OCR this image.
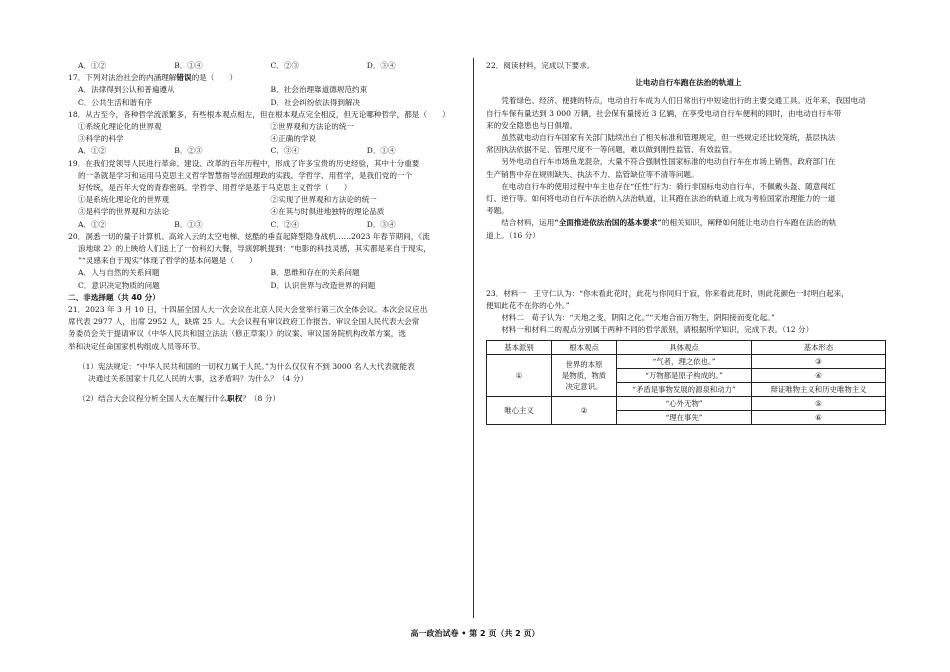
A．①②	B．①④	C．②③	D．③④
17．下列对法治社会的内涵理解错误的是（　　）
A．法律得到公认和普遍遵从	B．社会治理靠道德规范约束
C．公共生活和谐有序	D．社会纠纷依法得到解决
18．从古至今，各种哲学流派繁多，有些根本观点相左，但在根本观点完全相反，但无论哪种哲学，都是（　　）
①系统化理论化的世界观	②世界观和方法论的统一
③科学的科学	④正确的学说
A．①②	B．②③	C．③④	D．①④
19．在我们党领导人民进行革命、建设、改革的百年历程中，形成了许多宝贵的历史经验，其中十分重要
的一条就是学习和运用马克思主义哲学智慧指导治国理政的实践。学哲学、用哲学，是我们党的一个
好传统，是百年大党的青春密码。学哲学、用哲学是基于马克思主义哲学（　　）
①是系统化理论化的世界观	②实现了世界观和方法论的统一
③是科学的世界观和方法论	④在其与时俱进地独特的理论品质
A．①②	B．①③	C．②④	D．③④
20．洞悉一切的量子计算机、高耸入云的太空电梯、炫酷的垂直起降型隐身战机……2023 年春节期间，《流
浪地球 2》的上映给人们送上了一份科幻大餐，导演郭帆提到：“电影的科技灵感，其实都是来自于现实，
”“灵感来自于现实”体现了哲学的基本问题是（　　）
A．人与自然的关系问题	B．思维和存在的关系问题
C．意识决定物质的问题	D．认识世界与改造世界的问题
二、非选择题（共 40 分）
21．2023 年 3 月 10 日，十四届全国人大一次会议在北京人民大会堂举行第三次全体会议。本次会议应出
席代表 2977 人，出席 2952 人，缺席 25 人。大会议程有审议政府工作报告、审议全国人民代表大会常
务委员会关于提请审议《中华人民共和国立法法（修正草案）》的议案、审议国务院机构改革方案，选
举和决定任命国家机构组成人员等环节。
（1）宪法规定：“中华人民共和国的一切权力属于人民。”为什么仅仅有不到 3000 名人大代表就能表
决通过关系国家十几亿人民的大事，这矛盾吗？为什么？（4 分）
（2）结合大会议程分析全国人大在履行什么职权？（8 分）
22．阅读材料，完成以下要求。
让电动自行车跑在法治的轨道上
凭着绿色、经济、便捷的特点，电动自行车成为人们日常出行中短途出行的主要交通工具。近年来，我国电动
自行车保有量达到 3 000 万辆，社会保有量接近 3 亿辆，在享受电动自行车便利的同时，由电动自行车带
来的安全隐患也与日俱增。
虽然就电动自行车国家有关部门陆续出台了相关标准和管理规定，但一些规定还比较笼统，基层执法
常因执法依据不足、管理尺度不一等问题，难以做到刚性监管、有效监管。
另外电动自行车市场鱼龙混杂，大量不符合强制性国家标准的电动自行车在市场上销售，政府部门在
生产销售中存在规则缺失、执法不力、监管缺位等不清等问题。
在电动自行车的使用过程中车主也存在“任性”行为：骑行非国标电动自行车、不佩戴头盔、随意闯红
灯、逆行等。如何将电动自行车法治纳入法治轨道，让其跑在法治的轨道上成为考验国家治理能力的一道
考题。
结合材料，运用“全面推进依法治国的基本要求”的相关知识，阐释如何能让电动自行车跑在法治的轨
道上。（16 分）
23．材料一　王守仁认为：“你未看此花时，此花与你同归于寂，你来看此花时，则此花颜色一时明白起来，
便知此花不在你的心外。”
材料二　荀子认为：“天地之变，阴阳之化。”“天地合而万物生，阴阳接而变化起。”
材料一和材料二的观点分别属于两种不同的哲学派别，请根据所学知识，完成下表。（12 分）
基本派别	根本观点	具体观点	基本形态
①	世界的本原
是物质，物质
决定意识。	“气者，理之依也。”	③
		“万物都是原子构成的。”	④
		“矛盾是事物发展的源泉和动力”	辩证唯物主义和历史唯物主义
唯心主义	②	“心外无物”	⑤
		“理在事先”	⑥
高一政治试卷 • 第 2 页（共 2 页）
